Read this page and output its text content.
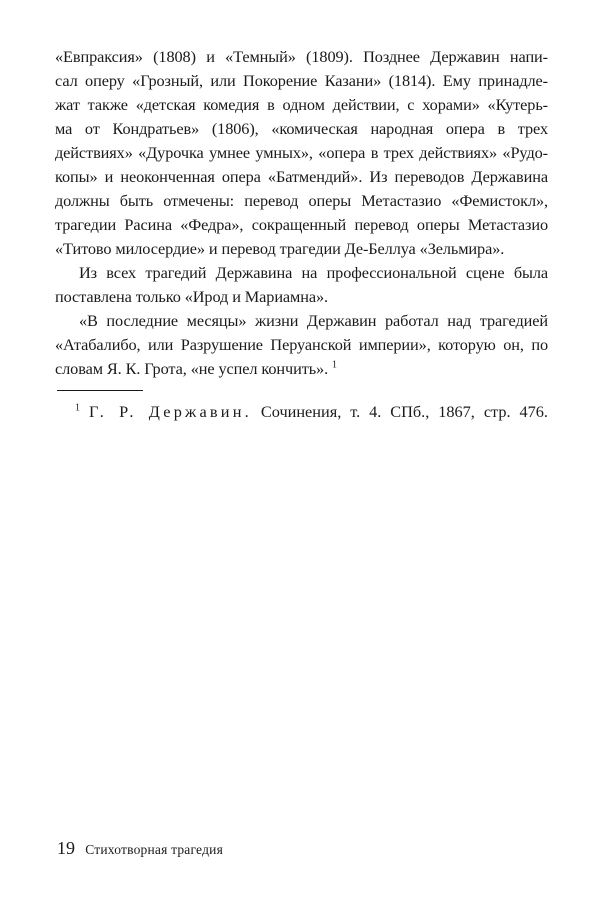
«Евпраксия» (1808) и «Темный» (1809). Позднее Державин напи-
сал оперу «Грозный, или Покорение Казани» (1814). Ему принадле-
жат также «детская комедия в одном действии, с хорами» «Кутерь-
ма от Кондратьев» (1806), «комическая народная опера в трех
действиях» «Дурочка умнее умных», «опера в трех действиях» «Рудо-
копы» и неоконченная опера «Батмендий». Из переводов Державина
должны быть отмечены: перевод оперы Метастазио «Фемистокл»,
трагедии Расина «Федра», сокращенный перевод оперы Метастазио
«Титово милосердие» и перевод трагедии Де-Беллуа «Зельмира».
Из всех трагедий Державина на профессиональной сцене была
поставлена только «Ирод и Мариамна».
«В последние месяцы» жизни Державин работал над трагедией
«Атабалибо, или Разрушение Перуанской империи», которую он, по
словам Я. К. Грота, «не успел кончить». $^1$
$^1$ Г. Р. Державин. Сочинения, т. 4. СПб., 1867, стр. 476.
19 Стихотворная трагедия
